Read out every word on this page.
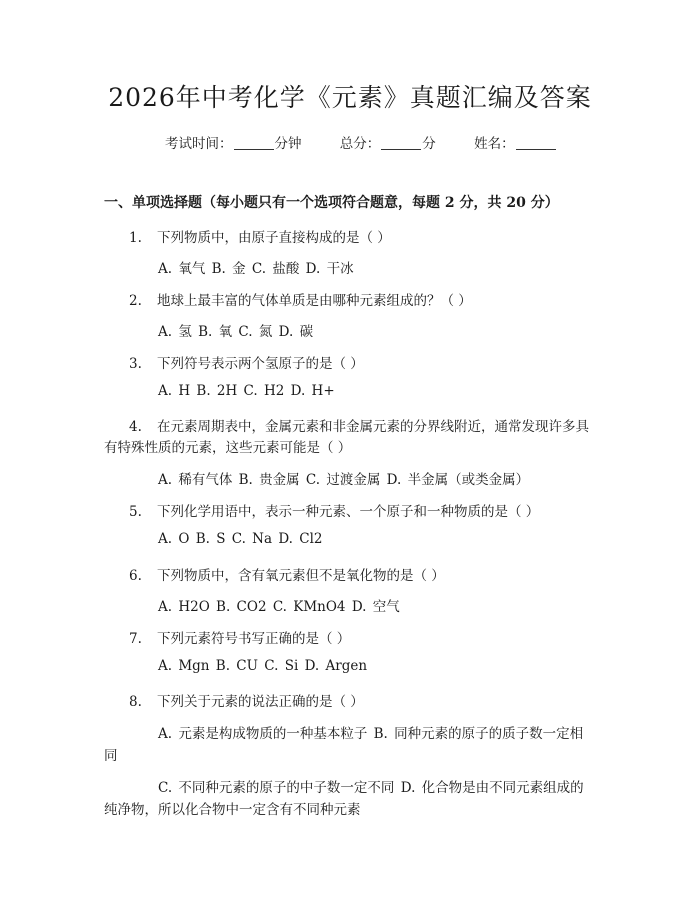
2026年中考化学《元素》真题汇编及答案
考试时间：	分钟	总分：	分	姓名：
一、单项选择题（每小题只有一个选项符合题意，每题 2 分，共 20 分）
1. 下列物质中，由原子直接构成的是（ ）
A. 氧气 B. 金 C. 盐酸 D. 干冰
2. 地球上最丰富的气体单质是由哪种元素组成的？（ ）
A. 氢 B. 氧 C. 氮 D. 碳
3. 下列符号表示两个氢原子的是（ ）
A. H B. 2H C. H2 D. H+
4. 在元素周期表中，金属元素和非金属元素的分界线附近，通常发现许多具
有特殊性质的元素，这些元素可能是（ ）
A. 稀有气体 B. 贵金属 C. 过渡金属 D. 半金属（或类金属）
5. 下列化学用语中，表示一种元素、一个原子和一种物质的是（ ）
A. O B. S C. Na D. Cl2
6. 下列物质中，含有氧元素但不是氧化物的是（ ）
A. H2O B. CO2 C. KMnO4 D. 空气
7. 下列元素符号书写正确的是（ ）
A. Mgn B. CU C. Si D. Argen
8. 下列关于元素的说法正确的是（ ）
A. 元素是构成物质的一种基本粒子 B. 同种元素的原子的质子数一定相
同
C. 不同种元素的原子的中子数一定不同 D. 化合物是由不同元素组成的
纯净物，所以化合物中一定含有不同种元素
